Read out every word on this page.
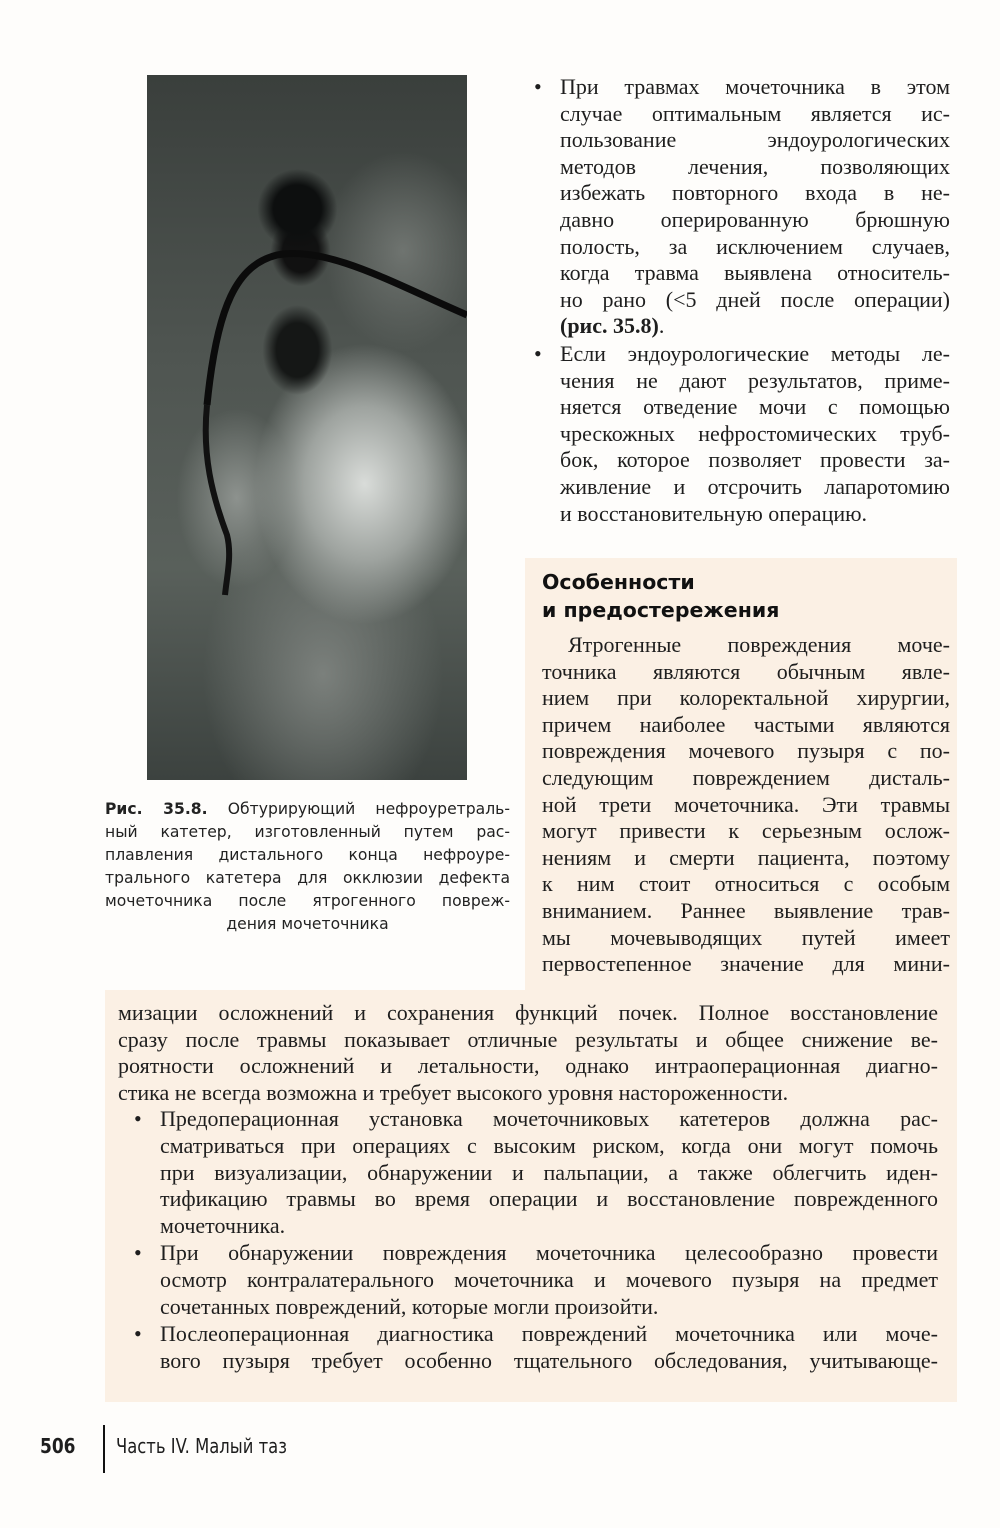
Рис. 35.8. Обтурирующий нефроуретраль-
ный катетер, изготовленный путем рас-
плавления дистального конца нефроуре-
трального катетера для окклюзии дефекта
мочеточника после ятрогенного повреж-
дения мочеточника
• При травмах мочеточника в этом
случае оптимальным является ис-
пользование эндоурологических
методов лечения, позволяющих
избежать повторного входа в не-
давно оперированную брюшную
полость, за исключением случаев,
когда травма выявлена относитель-
но рано (<5 дней после операции)
(рис. 35.8).
• Если эндоурологические методы ле-
чения не дают результатов, приме-
няется отведение мочи с помощью
чрескожных нефростомических труб-
бок, которое позволяет провести за-
живление и отсрочить лапаротомию
и восстановительную операцию.
Особенности
и предостережения
Ятрогенные повреждения моче-
точника являются обычным явле-
нием при колоректальной хирургии,
причем наиболее частыми являются
повреждения мочевого пузыря с по-
следующим повреждением дисталь-
ной трети мочеточника. Эти травмы
могут привести к серьезным ослож-
нениям и смерти пациента, поэтому
к ним стоит относиться с особым
вниманием. Раннее выявление трав-
мы мочевыводящих путей имеет
первостепенное значение для мини-
мизации осложнений и сохранения функций почек. Полное восстановление
сразу после травмы показывает отличные результаты и общее снижение ве-
роятности осложнений и летальности, однако интраоперационная диагно-
стика не всегда возможна и требует высокого уровня настороженности.
• Предоперационная установка мочеточниковых катетеров должна рас-
сматриваться при операциях с высоким риском, когда они могут помочь
при визуализации, обнаружении и пальпации, а также облегчить иден-
тификацию травмы во время операции и восстановление поврежденного
мочеточника.
• При обнаружении повреждения мочеточника целесообразно провести
осмотр контралатерального мочеточника и мочевого пузыря на предмет
сочетанных повреждений, которые могли произойти.
• Послеоперационная диагностика повреждений мочеточника или моче-
вого пузыря требует особенно тщательного обследования, учитывающе-
506 Часть IV. Малый таз
